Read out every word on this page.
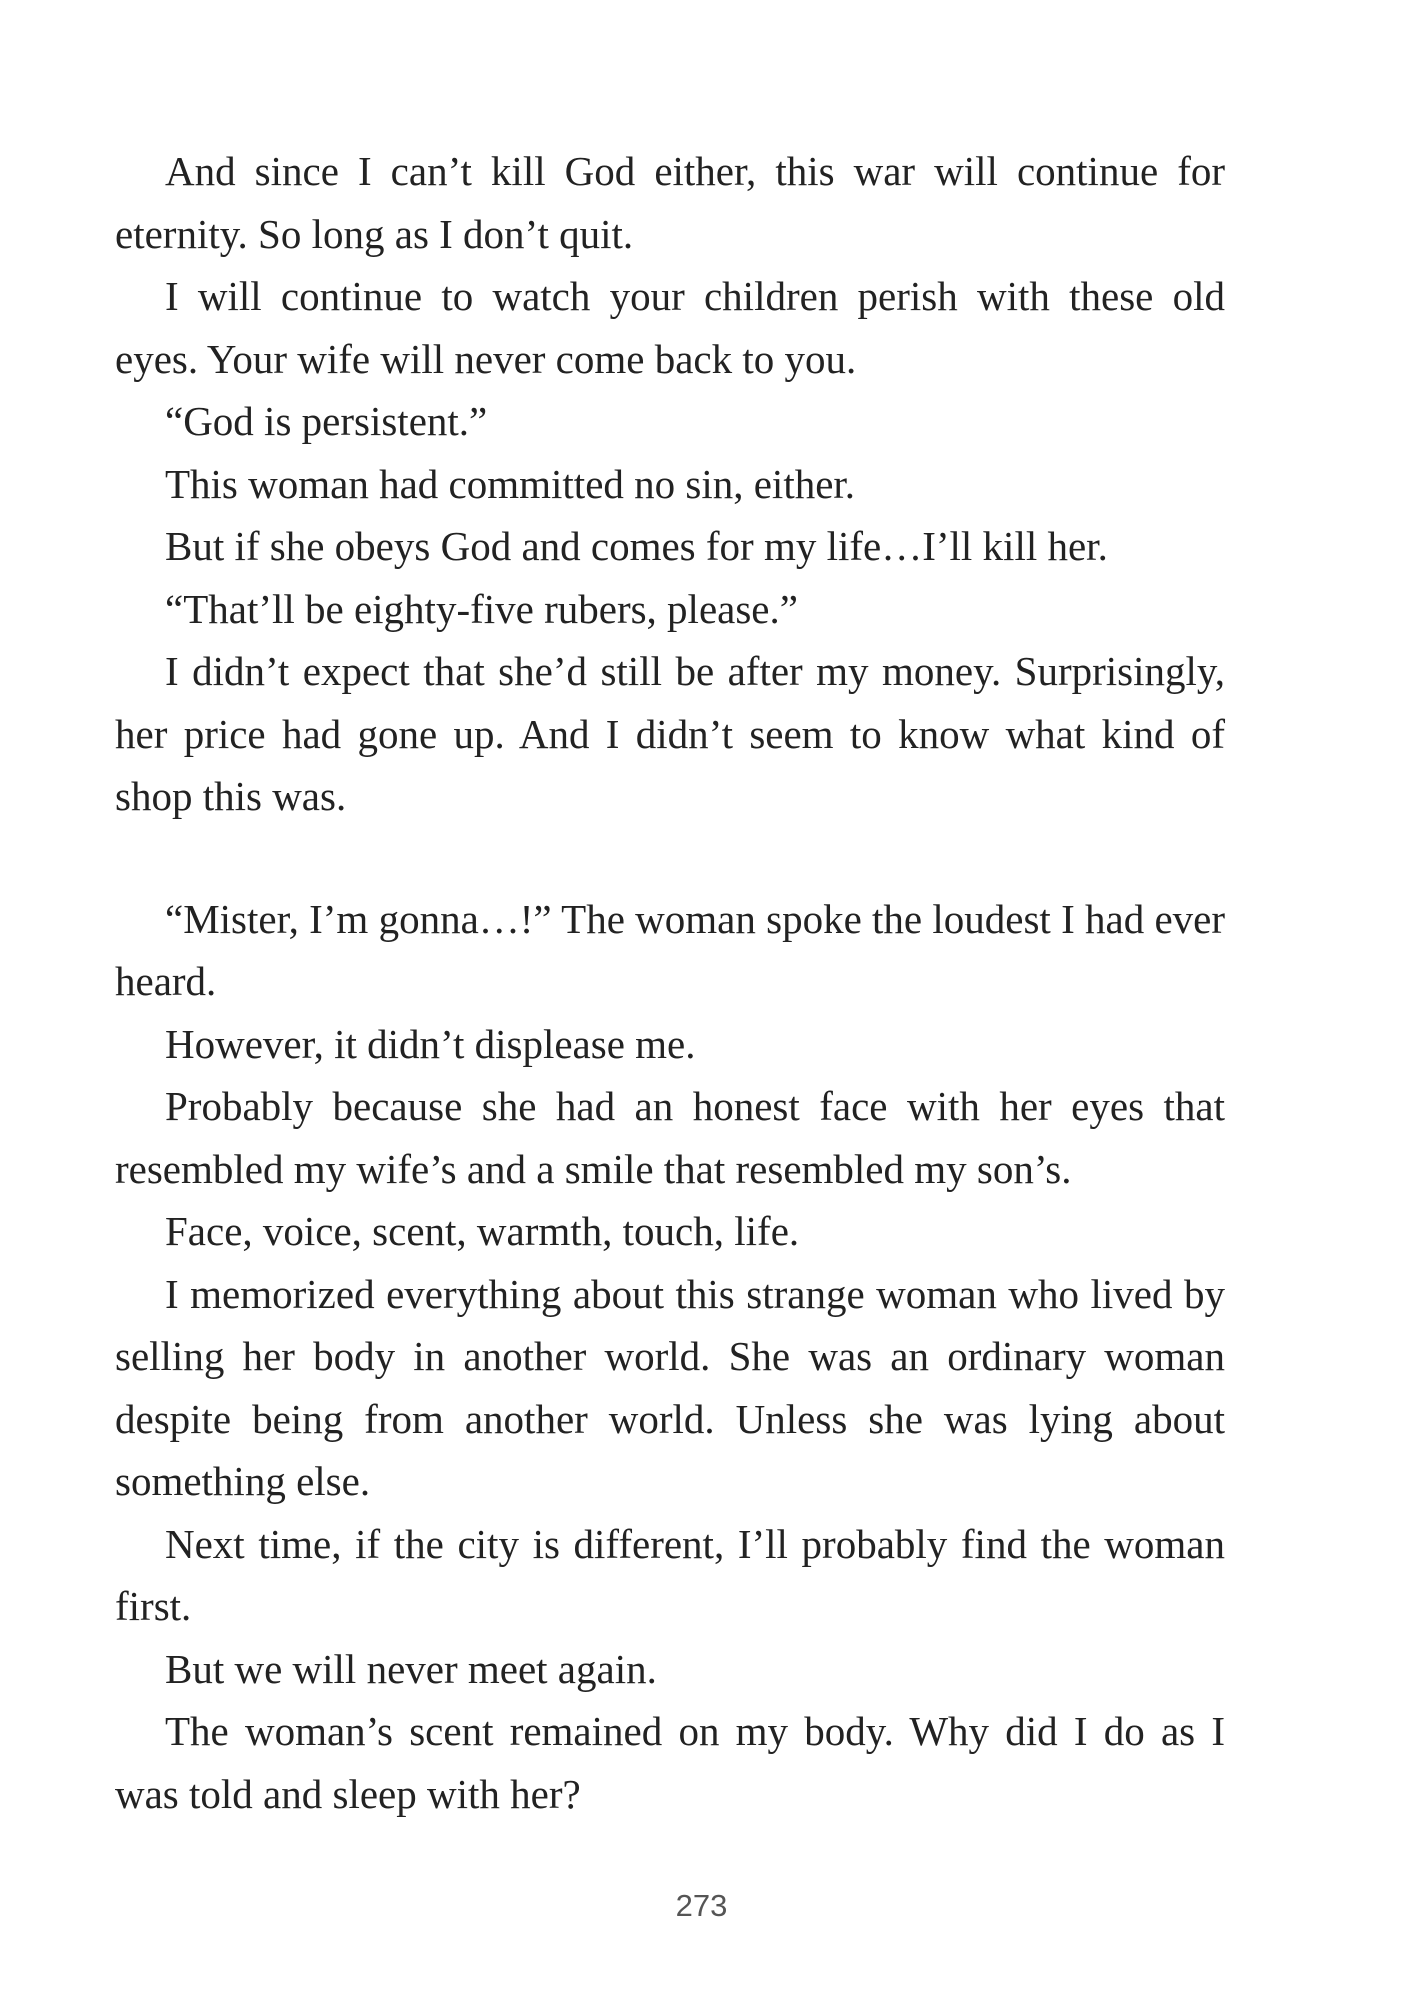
And since I can’t kill God either, this war will continue for eternity. So long as I don’t quit.

I will continue to watch your children perish with these old eyes. Your wife will never come back to you.

“God is persistent.”

This woman had committed no sin, either.

But if she obeys God and comes for my life…I’ll kill her.

“That’ll be eighty-five rubers, please.”

I didn’t expect that she’d still be after my money. Surprisingly, her price had gone up. And I didn’t seem to know what kind of shop this was.

“Mister, I’m gonna…!” The woman spoke the loudest I had ever heard.

However, it didn’t displease me.

Probably because she had an honest face with her eyes that resembled my wife’s and a smile that resembled my son’s.

Face, voice, scent, warmth, touch, life.

I memorized everything about this strange woman who lived by selling her body in another world. She was an ordinary woman despite being from another world. Unless she was lying about something else.

Next time, if the city is different, I’ll probably find the woman first.

But we will never meet again.

The woman’s scent remained on my body. Why did I do as I was told and sleep with her?

273
